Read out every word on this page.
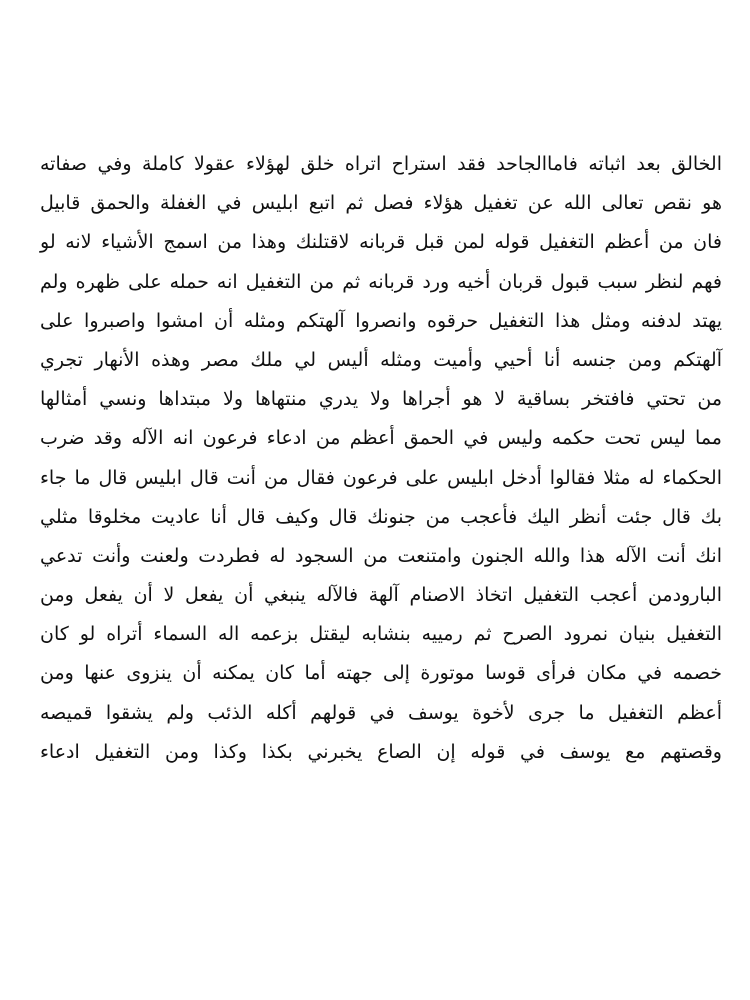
الخالق بعد اثباته فاماالجاحد فقد استراح اتراه خلق لهؤلاء عقولا كاملة وفي صفاته
هو نقص تعالى الله عن تغفيل هؤلاء فصل ثم اتبع ابليس في الغفلة والحمق قابيل
فان من أعظم التغفيل قوله لمن قبل قربانه لاقتلنك وهذا من اسمج الأشياء لانه لو
فهم لنظر سبب قبول قربان أخيه ورد قربانه ثم من التغفيل انه حمله على ظهره ولم
يهتد لدفنه ومثل هذا التغفيل حرقوه وانصروا آلهتكم ومثله أن امشوا واصبروا على
آلهتكم ومن جنسه أنا أحيي وأميت ومثله أليس لي ملك مصر وهذه الأنهار تجري
من تحتي فافتخر بساقية لا هو أجراها ولا يدري منتهاها ولا مبتداها ونسي أمثالها
مما ليس تحت حكمه وليس في الحمق أعظم من ادعاء فرعون انه الآله وقد ضرب
الحكماء له مثلا فقالوا أدخل ابليس على فرعون فقال من أنت قال ابليس قال ما جاء
بك قال جئت أنظر اليك فأعجب من جنونك قال وكيف قال أنا عاديت مخلوقا مثلي
انك أنت الآله هذا والله الجنون وامتنعت من السجود له فطردت ولعنت وأنت تدعي
البارودمن أعجب التغفيل اتخاذ الاصنام آلهة فالآله ينبغي أن يفعل لا أن يفعل ومن
التغفيل بنيان نمرود الصرح ثم رمييه بنشابه ليقتل بزعمه اله السماء أتراه لو كان
خصمه في مكان فرأى قوسا موتورة إلى جهته أما كان يمكنه أن ينزوى عنها ومن
أعظم التغفيل ما جرى لأخوة يوسف في قولهم أكله الذئب ولم يشقوا قميصه
وقصتهم مع يوسف في قوله إن الصاع يخبرني بكذا وكذا ومن التغفيل ادعاء
